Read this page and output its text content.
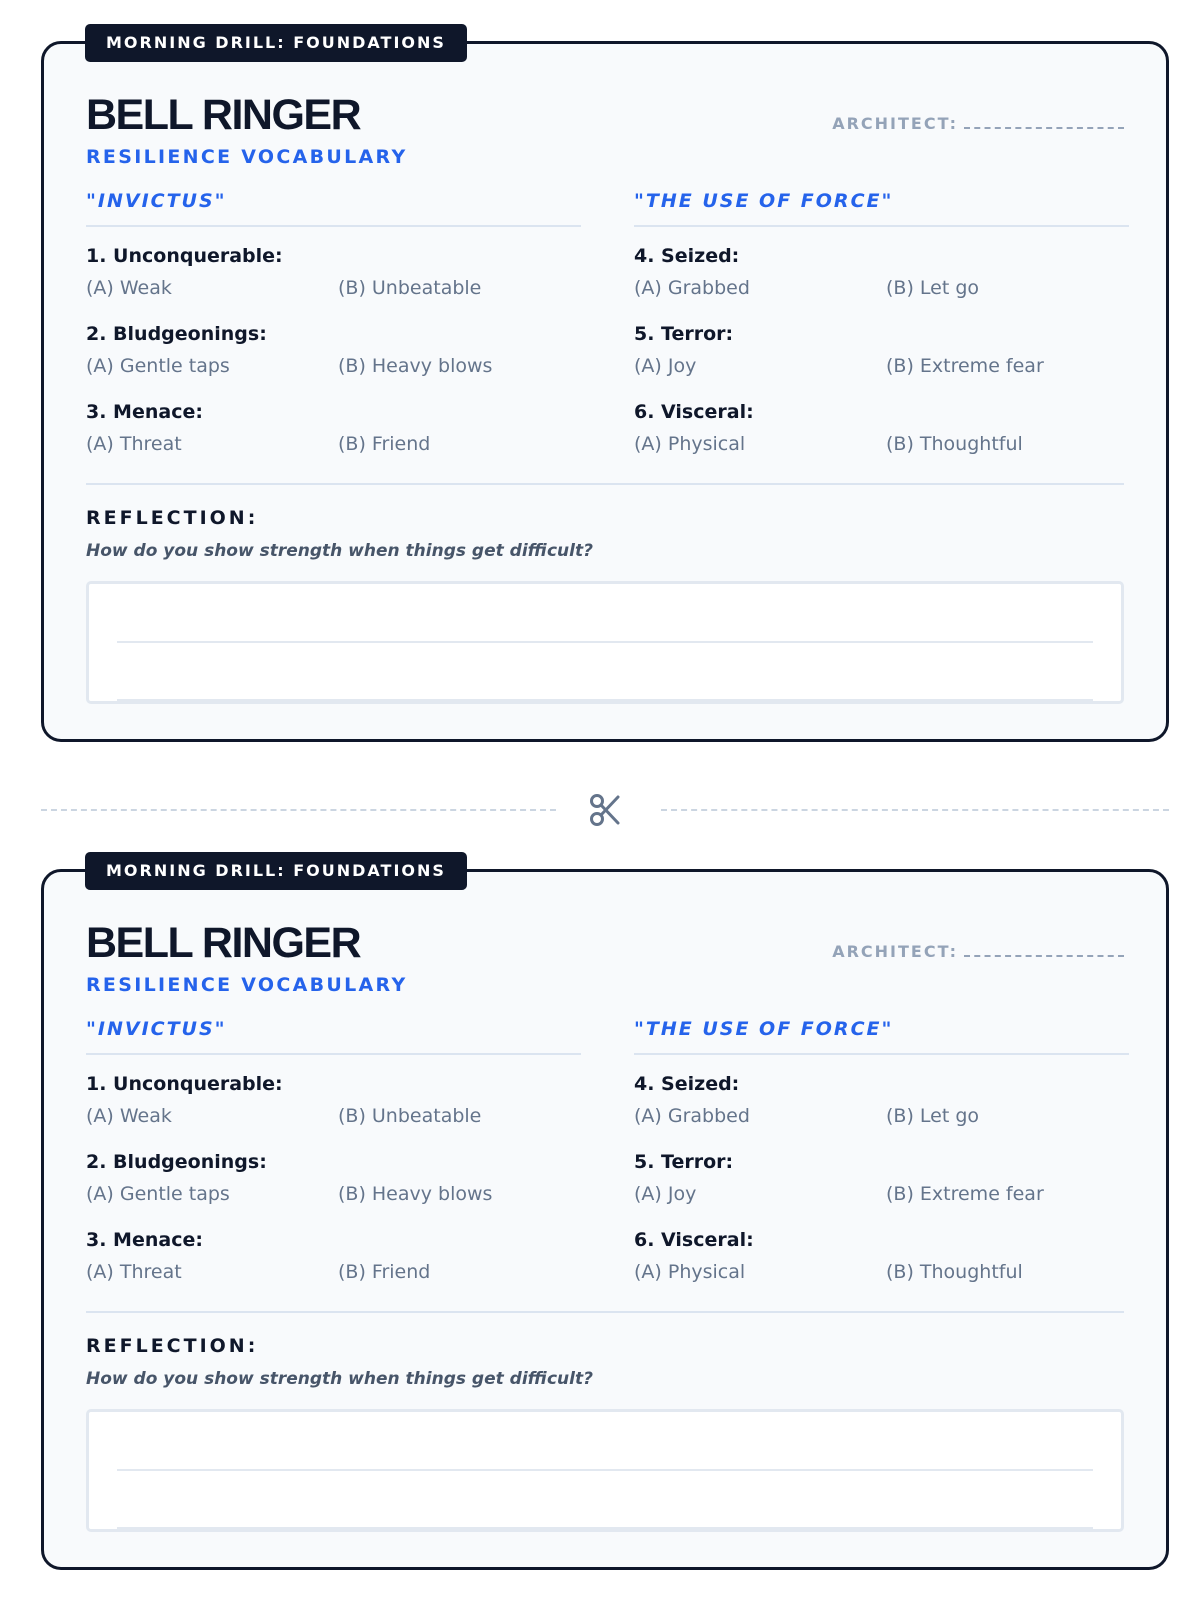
MORNING DRILL: FOUNDATIONS
BELL RINGER
RESILIENCE VOCABULARY
ARCHITECT:
"INVICTUS"
1. Unconquerable:
(A) Weak	(B) Unbeatable
2. Bludgeonings:
(A) Gentle taps	(B) Heavy blows
3. Menace:
(A) Threat	(B) Friend
"THE USE OF FORCE"
4. Seized:
(A) Grabbed	(B) Let go
5. Terror:
(A) Joy	(B) Extreme fear
6. Visceral:
(A) Physical	(B) Thoughtful
REFLECTION:
How do you show strength when things get difficult?
MORNING DRILL: FOUNDATIONS
BELL RINGER
RESILIENCE VOCABULARY
ARCHITECT:
"INVICTUS"
1. Unconquerable:
(A) Weak	(B) Unbeatable
2. Bludgeonings:
(A) Gentle taps	(B) Heavy blows
3. Menace:
(A) Threat	(B) Friend
"THE USE OF FORCE"
4. Seized:
(A) Grabbed	(B) Let go
5. Terror:
(A) Joy	(B) Extreme fear
6. Visceral:
(A) Physical	(B) Thoughtful
REFLECTION:
How do you show strength when things get difficult?
